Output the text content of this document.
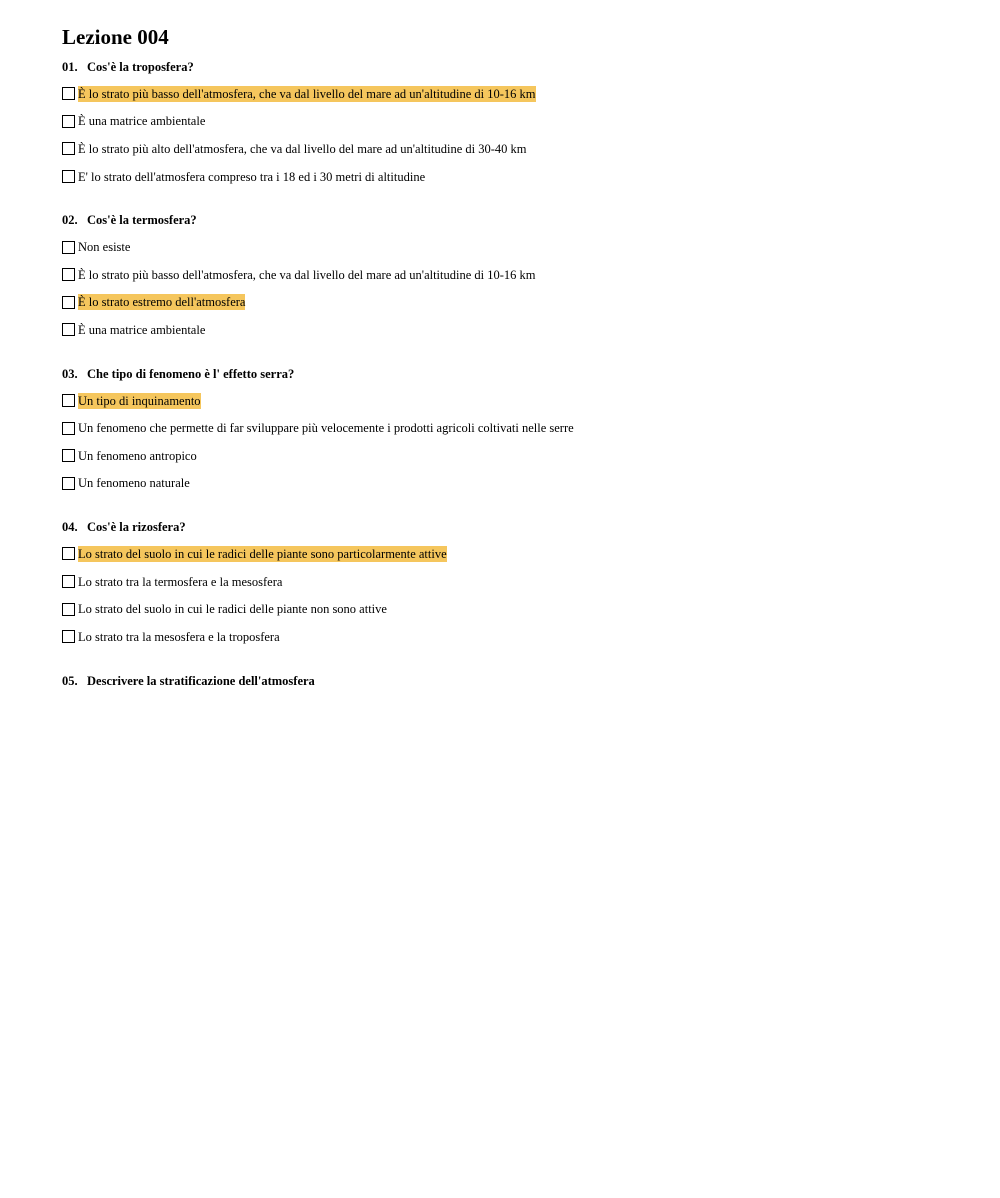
Lezione 004
01. Cos'è la troposfera?
È lo strato più basso dell'atmosfera, che va dal livello del mare ad un'altitudine di 10-16 km
È una matrice ambientale
È lo strato più alto dell'atmosfera, che va dal livello del mare ad un'altitudine di 30-40 km
E' lo strato dell'atmosfera compreso tra i 18 ed i 30 metri di altitudine
02. Cos'è la termosfera?
Non esiste
È lo strato più basso dell'atmosfera, che va dal livello del mare ad un'altitudine di 10-16 km
È lo strato estremo dell'atmosfera
È una matrice ambientale
03. Che tipo di fenomeno è l' effetto serra?
Un tipo di inquinamento
Un fenomeno che permette di far sviluppare più velocemente i prodotti agricoli coltivati nelle serre
Un fenomeno antropico
Un fenomeno naturale
04. Cos'è la rizosfera?
Lo strato del suolo in cui le radici delle piante sono particolarmente attive
Lo strato tra la termosfera e la mesosfera
Lo strato del suolo in cui le radici delle piante non sono attive
Lo strato tra la mesosfera e la troposfera
05. Descrivere la stratificazione dell'atmosfera
